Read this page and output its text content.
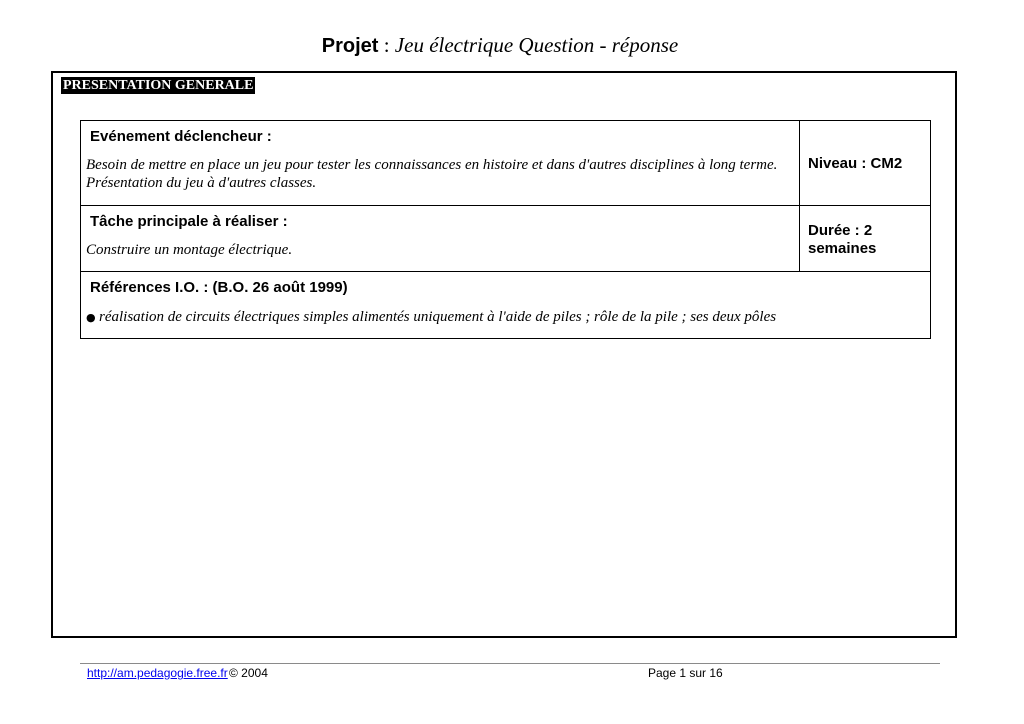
Projet : Jeu électrique Question - réponse
PRESENTATION GENERALE
Evénement déclencheur :
Besoin de mettre en place un jeu pour tester les connaissances en histoire et dans d'autres disciplines à long terme. Présentation du jeu à d'autres classes.	Niveau : CM2

Tâche principale à réaliser :
Construire un montage électrique.	Durée : 2 semaines

Références I.O. : (B.O. 26 août 1999)
● réalisation de circuits électriques simples alimentés uniquement à l'aide de piles ; rôle de la pile ; ses deux pôles	
http://am.pedagogie.free.fr © 2004	Page 1 sur 16
